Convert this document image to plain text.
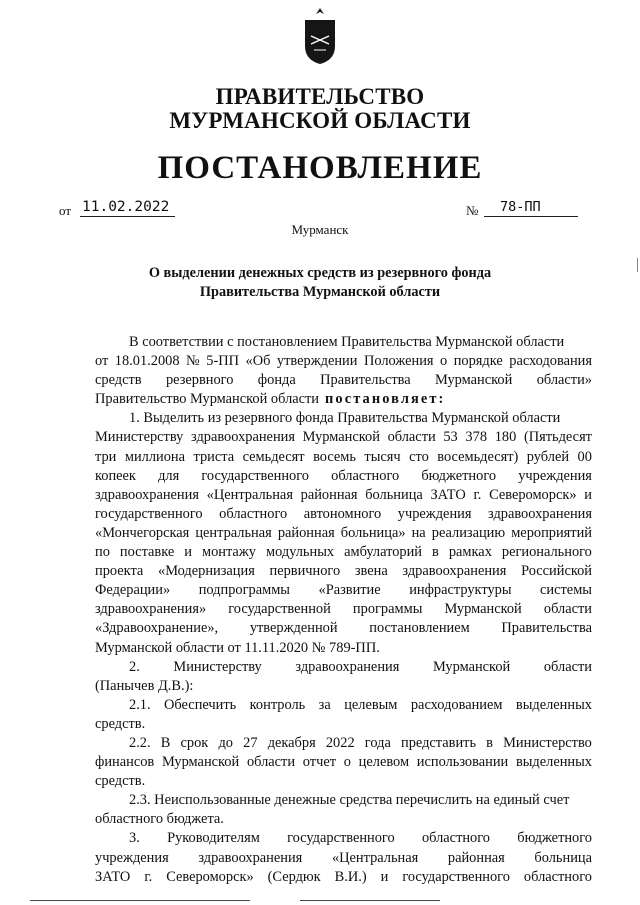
ПРАВИТЕЛЬСТВО
МУРМАНСКОЙ ОБЛАСТИ
ПОСТАНОВЛЕНИЕ
от 11.02.2022	№	78-ПП
Мурманск
О выделении денежных средств из резервного фонда
Правительства Мурманской области
В соответствии с постановлением Правительства Мурманской области
от 18.01.2008 № 5-ПП «Об утверждении Положения о порядке расходования
средств резервного фонда Правительства Мурманской области»
Правительство Мурманской области постановляет:
1. Выделить из резервного фонда Правительства Мурманской области
Министерству здравоохранения Мурманской области 53 378 180 (Пятьдесят
три миллиона триста семьдесят восемь тысяч сто восемьдесят) рублей 00
копеек для государственного областного бюджетного учреждения
здравоохранения «Центральная районная больница ЗАТО г. Североморск» и
государственного областного автономного учреждения здравоохранения
«Мончегорская центральная районная больница» на реализацию мероприятий
по поставке и монтажу модульных амбулаторий в рамках регионального
проекта «Модернизация первичного звена здравоохранения Российской
Федерации» подпрограммы «Развитие инфраструктуры системы
здравоохранения» государственной программы Мурманской области
«Здравоохранение», утвержденной постановлением Правительства
Мурманской области от 11.11.2020 № 789-ПП.
2. Министерству здравоохранения Мурманской области
(Панычев Д.В.):
2.1. Обеспечить контроль за целевым расходованием выделенных
средств.
2.2. В срок до 27 декабря 2022 года представить в Министерство
финансов Мурманской области отчет о целевом использовании выделенных
средств.
2.3. Неиспользованные денежные средства перечислить на единый счет
областного бюджета.
3. Руководителям государственного областного бюджетного
учреждения здравоохранения «Центральная районная больница
ЗАТО г. Североморск» (Сердюк В.И.) и государственного областного
